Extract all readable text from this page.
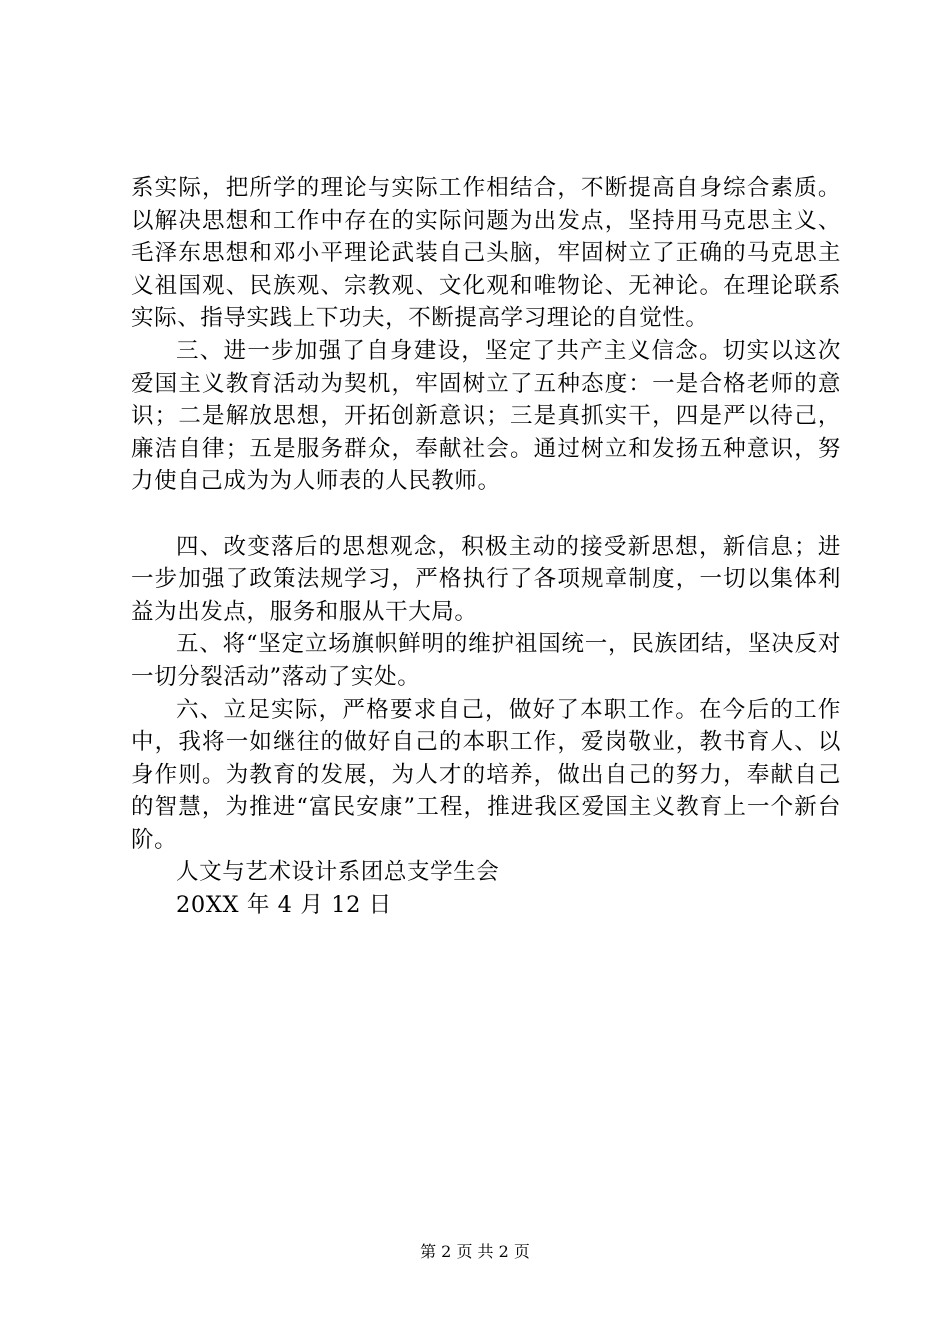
系实际，把所学的理论与实际工作相结合，不断提高自身综合素质。以解决思想和工作中存在的实际问题为出发点，坚持用马克思主义、毛泽东思想和邓小平理论武装自己头脑，牢固树立了正确的马克思主义祖国观、民族观、宗教观、文化观和唯物论、无神论。在理论联系实际、指导实践上下功夫，不断提高学习理论的自觉性。

三、进一步加强了自身建设，坚定了共产主义信念。切实以这次爱国主义教育活动为契机，牢固树立了五种态度：一是合格老师的意识；二是解放思想，开拓创新意识；三是真抓实干，四是严以待己，廉洁自律；五是服务群众，奉献社会。通过树立和发扬五种意识，努力使自己成为为人师表的人民教师。

四、改变落后的思想观念，积极主动的接受新思想，新信息；进一步加强了政策法规学习，严格执行了各项规章制度，一切以集体利益为出发点，服务和服从干大局。

五、将“坚定立场旗帜鲜明的维护祖国统一，民族团结，坚决反对一切分裂活动”落动了实处。

六、立足实际，严格要求自己，做好了本职工作。在今后的工作中，我将一如继往的做好自己的本职工作，爱岗敬业，教书育人、以身作则。为教育的发展，为人才的培养，做出自己的努力，奉献自己的智慧，为推进“富民安康”工程，推进我区爱国主义教育上一个新台阶。

人文与艺术设计系团总支学生会

20XX 年 4 月 12 日

第 2 页 共 2 页
